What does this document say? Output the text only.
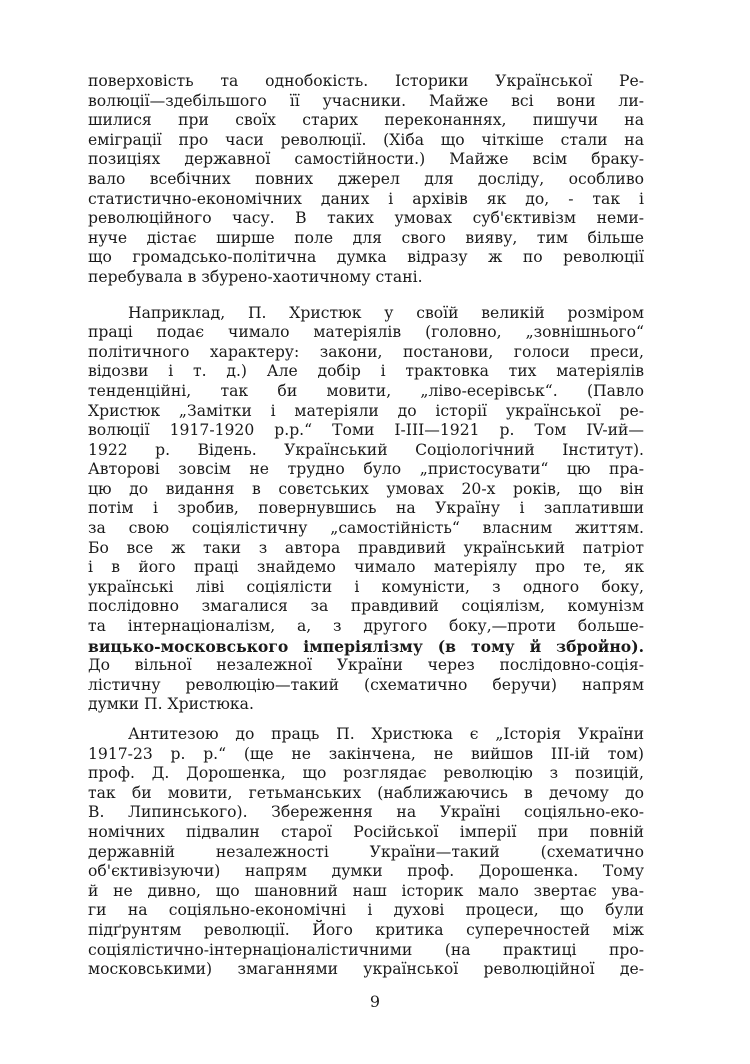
поверховість та однобокість. Історики Української Ре-
волюції—здебільшого її учасники. Майже всі вони ли-
шилися при своїх старих переконаннях, пишучи на
еміграції про часи революції. (Хіба що чіткіше стали на
позиціях державної самостійности.) Майже всім браку-
вало всебічних повних джерел для досліду, особливо
статистично-економічних даних і архівів як до, - так і
революційного часу. В таких умовах суб'єктивізм неми-
нуче дістає ширше поле для свого вияву, тим більше
що громадсько-політична думка відразу ж по революції
перебувала в збурено-хаотичному стані.
Наприклад, П. Христюк у своїй великій розміром
праці подає чимало матеріялів (головно, „зовнішнього“
політичного характеру: закони, постанови, голоси преси,
відозви і т. д.) Але добір і трактовка тих матеріялів
тенденційні, так би мовити, „ліво-есерівськ“. (Павло
Христюк „Замітки і матеріяли до історії української ре-
волюції 1917-1920 р.р.“ Томи I-III—1921 р. Том IV-ий—
1922 р. Відень. Український Соціологічний Інститут).
Авторові зовсім не трудно було „пристосувати“ цю пра-
цю до видання в совєтських умовах 20-х років, що він
потім і зробив, повернувшись на Україну і заплативши
за свою соціялістичну „самостійність“ власним життям.
Бо все ж таки з автора правдивий український патріот
і в його праці знайдемо чимало матеріялу про те, як
українські ліві соціялісти і комуністи, з одного боку,
послідовно змагалися за правдивий соціялізм, комунізм
та інтернаціоналізм, а, з другого боку,—проти больше-
вицько-московського імперіялізму (в тому й збройно).
До вільної незалежної України через послідовно-соція-
лістичну революцію—такий (схематично беручи) напрям
думки П. Христюка.
Антитезою до праць П. Христюка є „Історія України
1917-23 р. р.“ (ще не закінчена, не вийшов III-ій том)
проф. Д. Дорошенка, що розглядає революцію з позицій,
так би мовити, гетьманських (наближаючись в дечому до
В. Липинського). Збереження на Україні соціяльно-еко-
номічних підвалин старої Російської імперії при повній
державній незалежності України—такий (схематично
об'єктивізуючи) напрям думки проф. Дорошенка. Тому
й не дивно, що шановний наш історик мало звертає ува-
ги на соціяльно-економічні і духові процеси, що були
підґрунтям революції. Його критика суперечностей між
соціялістично-інтернаціоналістичними (на практиці про-
московськими) змаганнями української революційної де-
9
